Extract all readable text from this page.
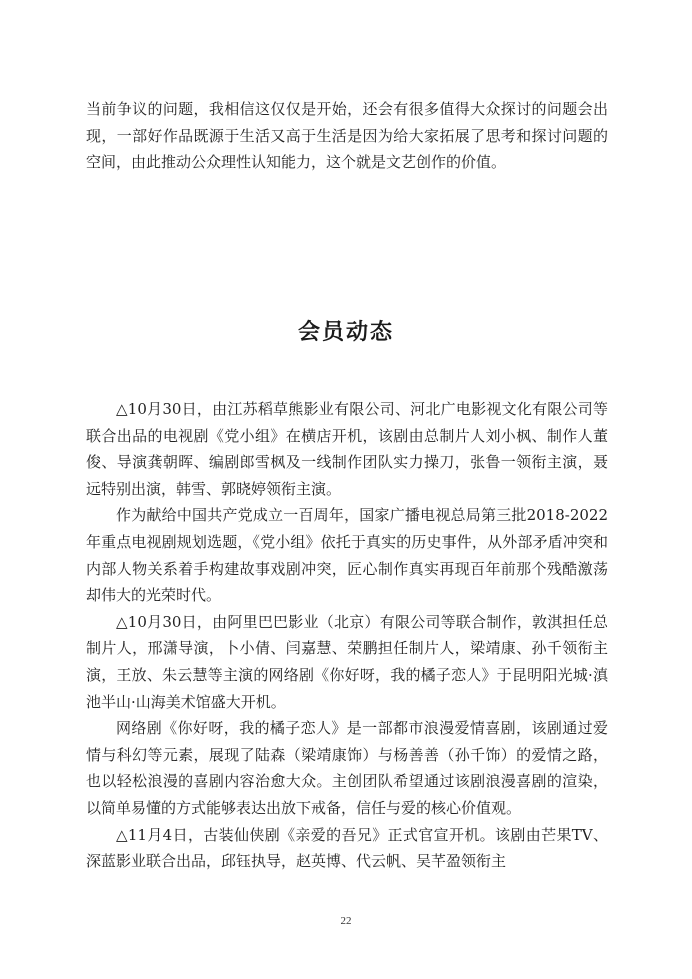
当前争议的问题，我相信这仅仅是开始，还会有很多值得大众探讨的问题会出现，一部好作品既源于生活又高于生活是因为给大家拓展了思考和探讨问题的空间，由此推动公众理性认知能力，这个就是文艺创作的价值。

会员动态

△10月30日，由江苏稻草熊影业有限公司、河北广电影视文化有限公司等联合出品的电视剧《党小组》在横店开机，该剧由总制片人刘小枫、制作人董俊、导演龚朝晖、编剧郎雪枫及一线制作团队实力操刀，张鲁一领衔主演，聂远特别出演，韩雪、郭晓婷领衔主演。

作为献给中国共产党成立一百周年，国家广播电视总局第三批2018-2022年重点电视剧规划选题，《党小组》依托于真实的历史事件，从外部矛盾冲突和内部人物关系着手构建故事戏剧冲突，匠心制作真实再现百年前那个残酷激荡却伟大的光荣时代。

△10月30日，由阿里巴巴影业（北京）有限公司等联合制作，敦淇担任总制片人，邢潇导演，卜小倩、闫嘉慧、荣鹏担任制片人，梁靖康、孙千领衔主演，王放、朱云慧等主演的网络剧《你好呀，我的橘子恋人》于昆明阳光城·滇池半山·山海美术馆盛大开机。

网络剧《你好呀，我的橘子恋人》是一部都市浪漫爱情喜剧，该剧通过爱情与科幻等元素，展现了陆森（梁靖康饰）与杨善善（孙千饰）的爱情之路，也以轻松浪漫的喜剧内容治愈大众。主创团队希望通过该剧浪漫喜剧的渲染，以简单易懂的方式能够表达出放下戒备，信任与爱的核心价值观。

△11月4日，古装仙侠剧《亲爱的吾兄》正式官宣开机。该剧由芒果TV、深蓝影业联合出品，邱钰执导，赵英博、代云帆、吴芊盈领衔主

22
